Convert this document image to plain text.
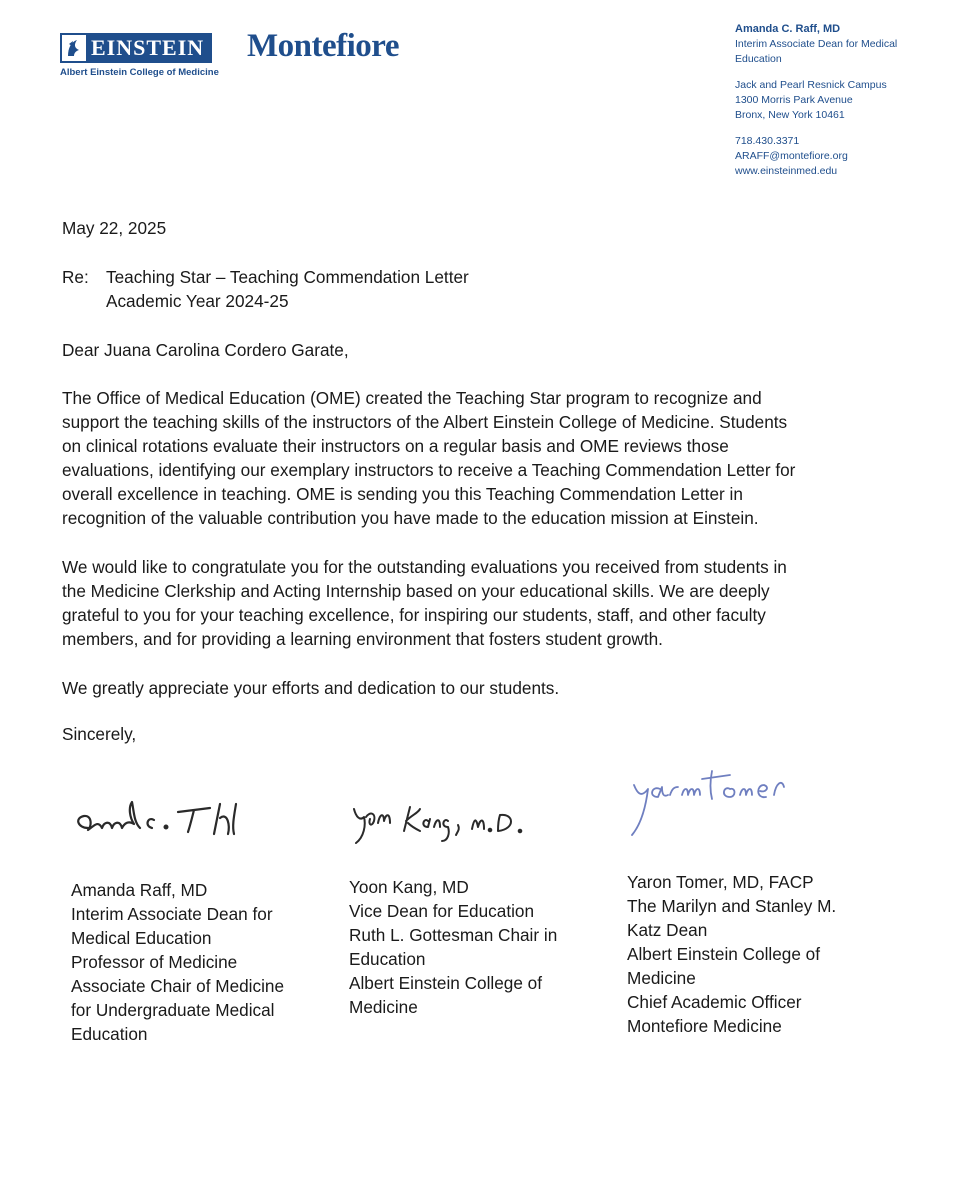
EINSTEIN
Albert Einstein College of Medicine
Montefiore	Amanda C. Raff, MD
Interim Associate Dean for Medical
Education
Jack and Pearl Resnick Campus
1300 Morris Park Avenue
Bronx, New York 10461
718.430.3371
ARAFF@montefiore.org
www.einsteinmed.edu
May 22, 2025
Re: Teaching Star – Teaching Commendation Letter
Academic Year 2024-25
Dear Juana Carolina Cordero Garate,
The Office of Medical Education (OME) created the Teaching Star program to recognize and
support the teaching skills of the instructors of the Albert Einstein College of Medicine. Students
on clinical rotations evaluate their instructors on a regular basis and OME reviews those
evaluations, identifying our exemplary instructors to receive a Teaching Commendation Letter for
overall excellence in teaching. OME is sending you this Teaching Commendation Letter in
recognition of the valuable contribution you have made to the education mission at Einstein.
We would like to congratulate you for the outstanding evaluations you received from students in
the Medicine Clerkship and Acting Internship based on your educational skills. We are deeply
grateful to you for your teaching excellence, for inspiring our students, staff, and other faculty
members, and for providing a learning environment that fosters student growth.
We greatly appreciate your efforts and dedication to our students.
Sincerely,
Amanda Raff, MD
Interim Associate Dean for
Medical Education
Professor of Medicine
Associate Chair of Medicine
for Undergraduate Medical
Education
Yoon Kang, MD
Vice Dean for Education
Ruth L. Gottesman Chair in
Education
Albert Einstein College of
Medicine
Yaron Tomer, MD, FACP
The Marilyn and Stanley M.
Katz Dean
Albert Einstein College of
Medicine
Chief Academic Officer
Montefiore Medicine
